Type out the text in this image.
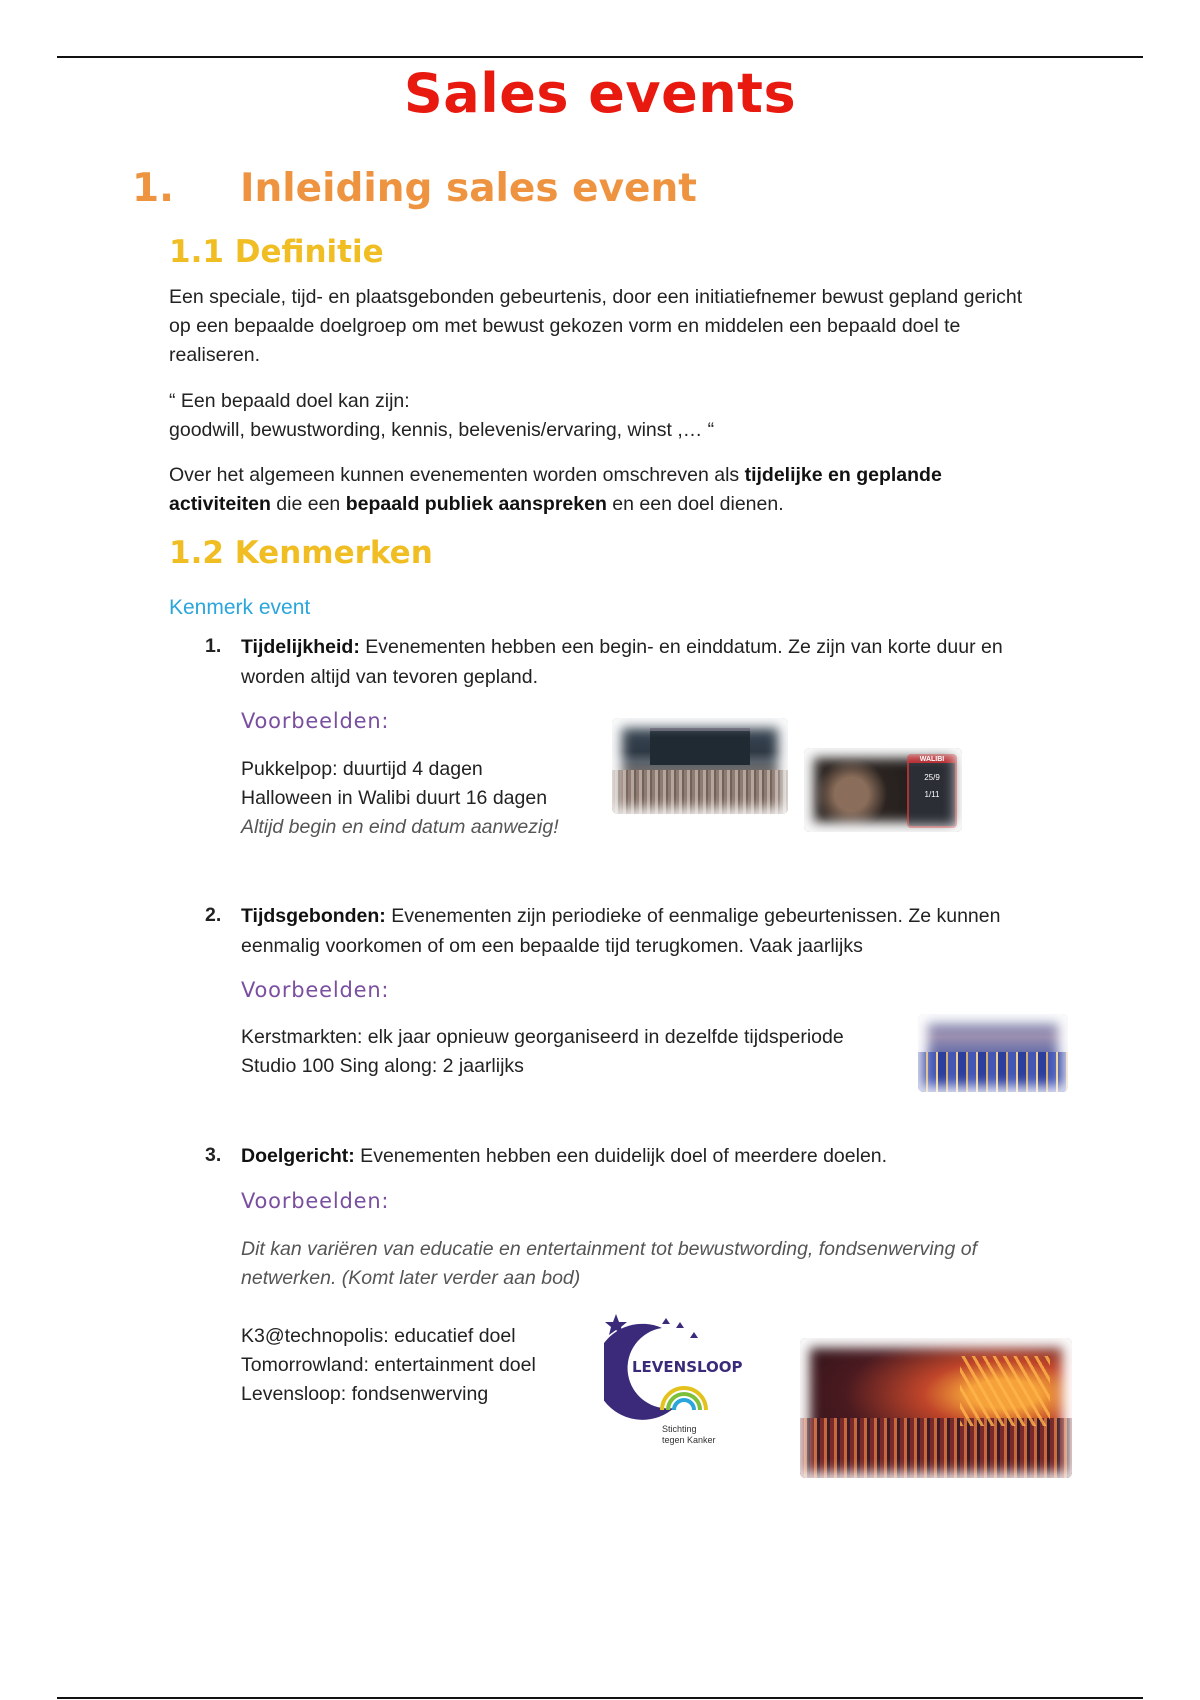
Sales events
1. Inleiding sales event
1.1 Definitie

Een speciale, tijd- en plaatsgebonden gebeurtenis, door een initiatiefnemer bewust gepland gericht op een bepaalde doelgroep om met bewust gekozen vorm en middelen een bepaald doel te realiseren.

“ Een bepaald doel kan zijn:

goodwill, bewustwording, kennis, belevenis/ervaring, winst ,… “

Over het algemeen kunnen evenementen worden omschreven als tijdelijke en geplande activiteiten die een bepaald publiek aanspreken en een doel dienen.

1.2 Kenmerken
Kenmerk event
1. Tijdelijkheid: Evenementen hebben een begin- en einddatum. Ze zijn van korte duur en worden altijd van tevoren gepland.
Voorbeelden:
Pukkelpop: duurtijd 4 dagen
Halloween in Walibi duurt 16 dagen
Altijd begin en eind datum aanwezig!
WALIBI
25/9
1/11
2. Tijdsgebonden: Evenementen zijn periodieke of eenmalige gebeurtenissen. Ze kunnen eenmalig voorkomen of om een bepaalde tijd terugkomen. Vaak jaarlijks
Voorbeelden:
Kerstmarkten: elk jaar opnieuw georganiseerd in dezelfde tijdsperiode
Studio 100 Sing along: 2 jaarlijks
3. Doelgericht: Evenementen hebben een duidelijk doel of meerdere doelen.
Voorbeelden:
Dit kan variëren van educatie en entertainment tot bewustwording, fondsenwerving of netwerken. (Komt later verder aan bod)
K3@technopolis: educatief doel
Tomorrowland: entertainment doel
Levensloop: fondsenwerving
LEVENSLOOP
Stichting
tegen Kanker
